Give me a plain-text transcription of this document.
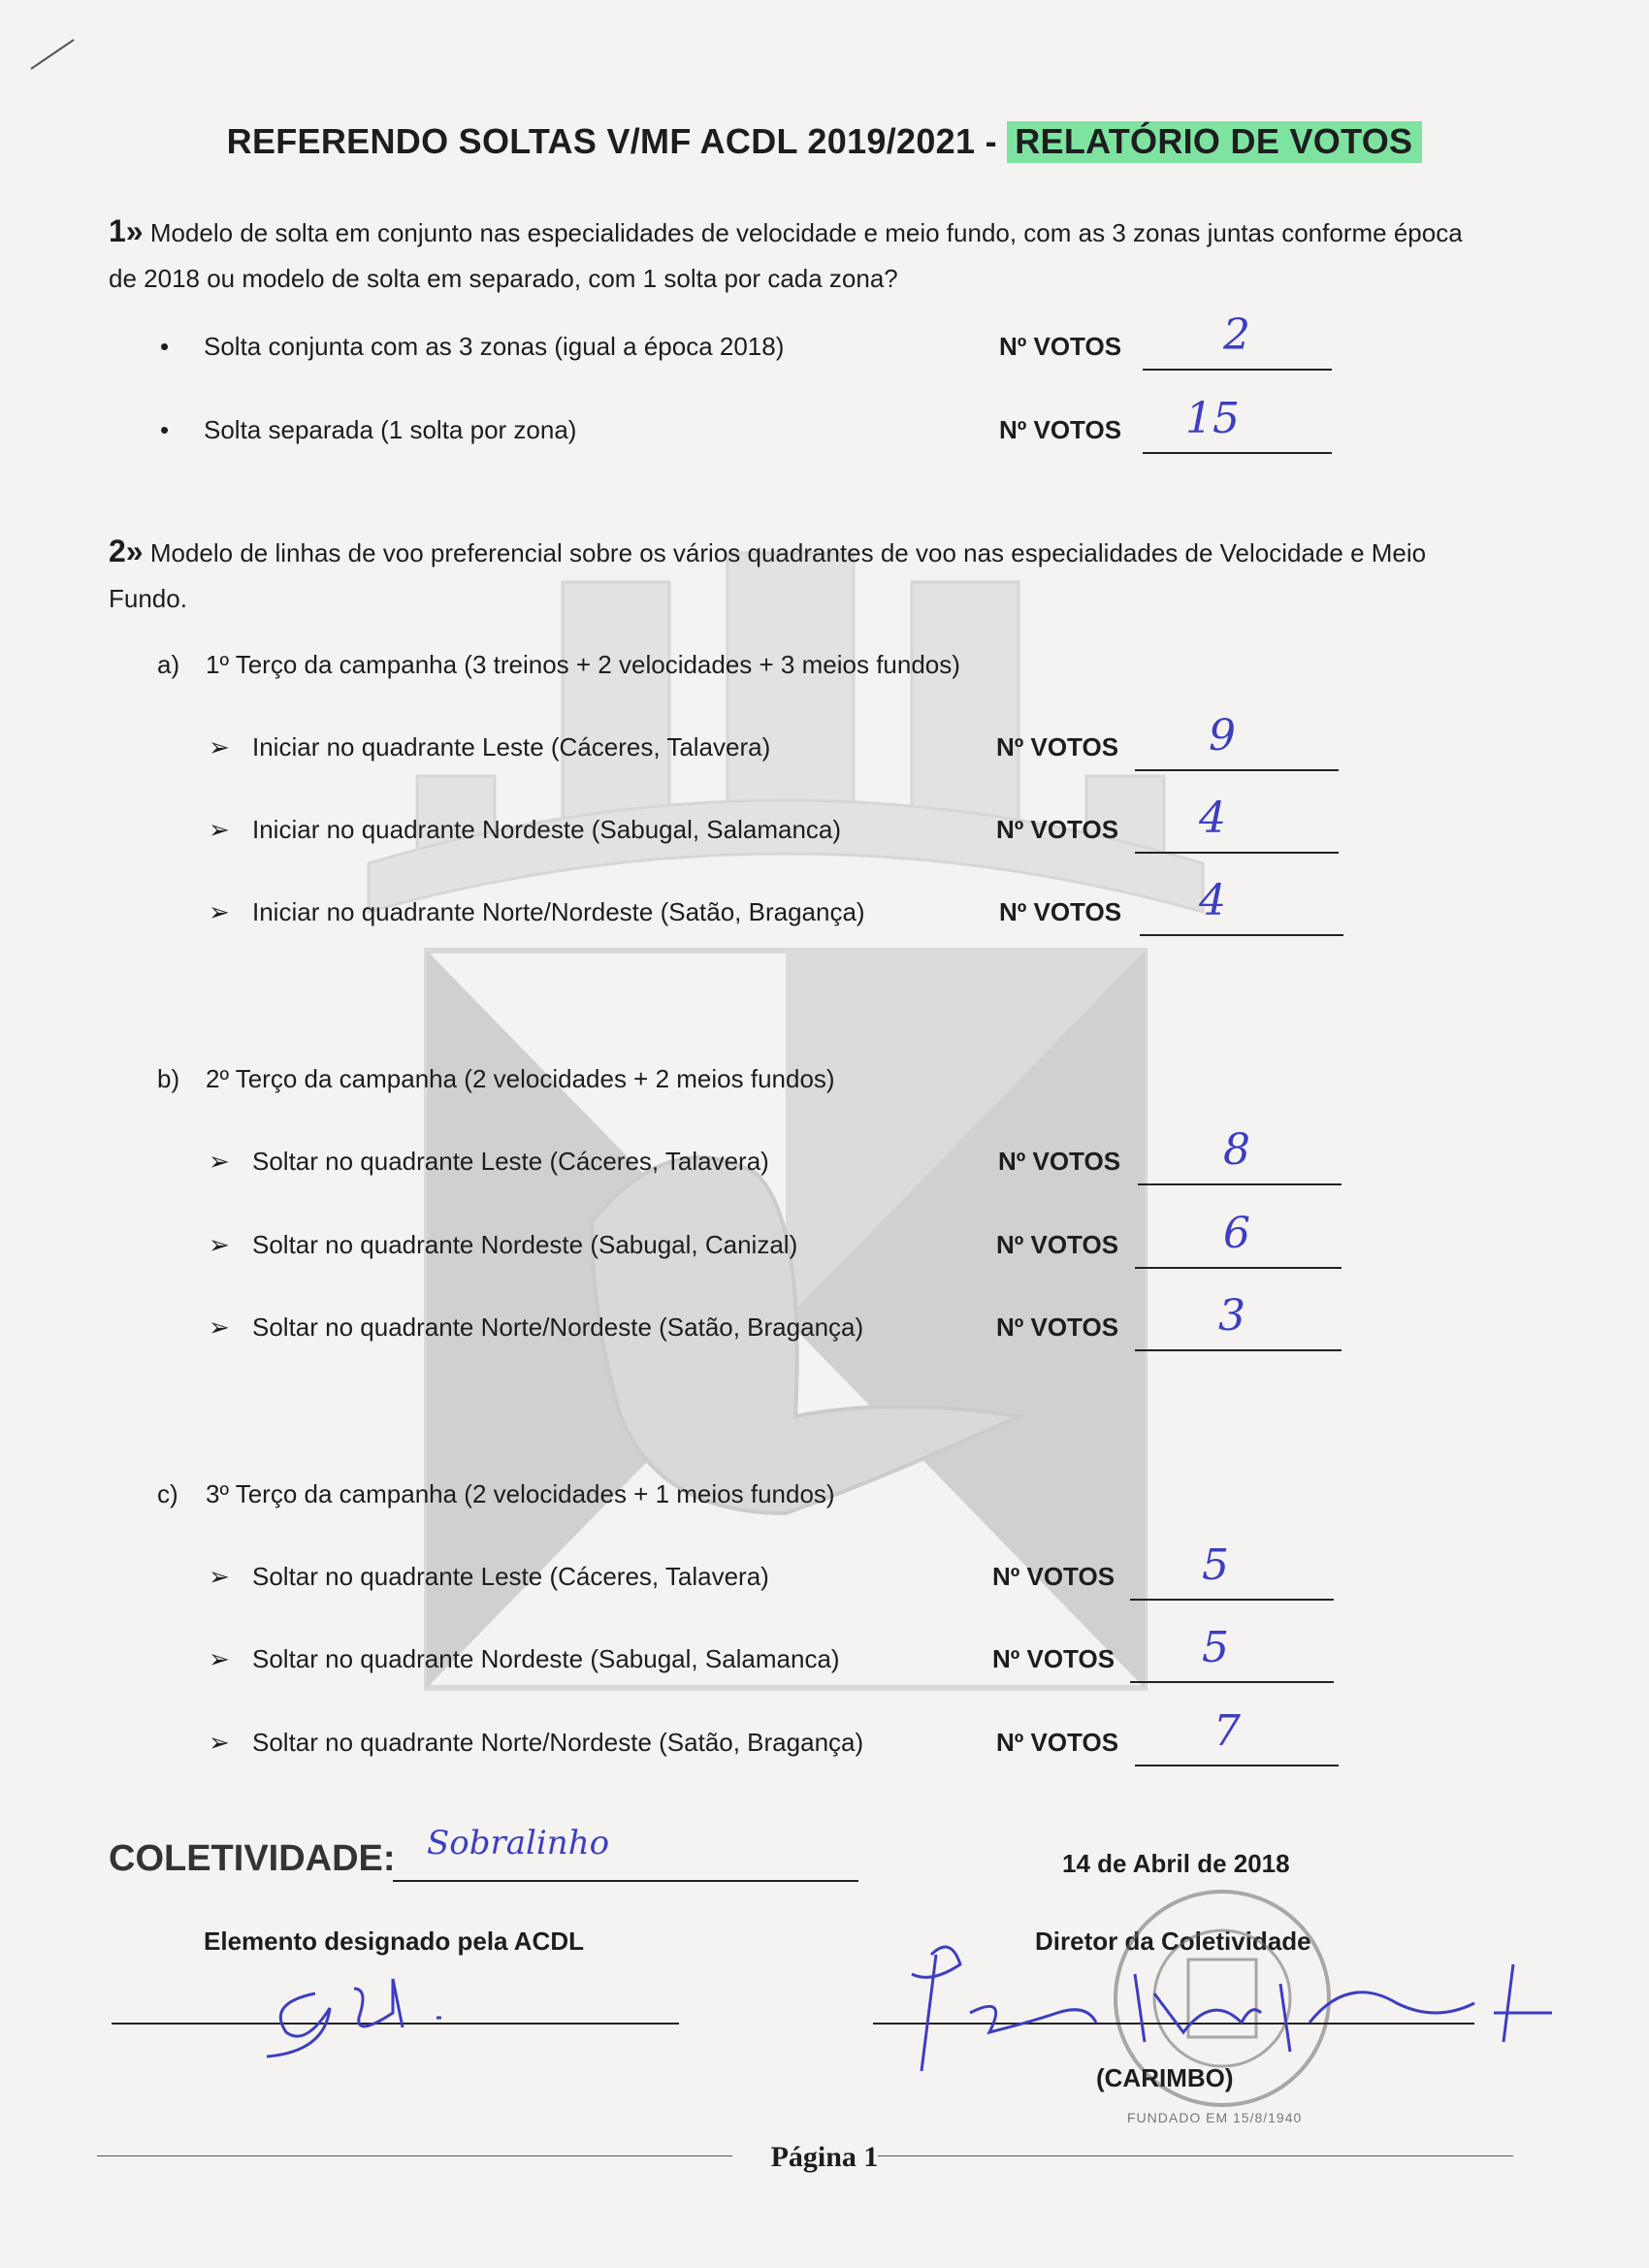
REFERENDO SOLTAS V/MF ACDL 2019/2021 - RELATÓRIO DE VOTOS
1» Modelo de solta em conjunto nas especialidades de velocidade e meio fundo, com as 3 zonas juntas conforme época de 2018 ou modelo de solta em separado, com 1 solta por cada zona?
• Solta conjunta com as 3 zonas (igual a época 2018)	Nº VOTOS	2
• Solta separada (1 solta por zona)	Nº VOTOS	15
2» Modelo de linhas de voo preferencial sobre os vários quadrantes de voo nas especialidades de Velocidade e Meio Fundo.
a) 1º Terço da campanha (3 treinos + 2 velocidades + 3 meios fundos)
➢ Iniciar no quadrante Leste (Cáceres, Talavera)	Nº VOTOS	9
➢ Iniciar no quadrante Nordeste (Sabugal, Salamanca)	Nº VOTOS	4
➢ Iniciar no quadrante Norte/Nordeste (Satão, Bragança)	Nº VOTOS	4
b) 2º Terço da campanha (2 velocidades + 2 meios fundos)
➢ Soltar no quadrante Leste (Cáceres, Talavera)	Nº VOTOS	8
➢ Soltar no quadrante Nordeste (Sabugal, Canizal)	Nº VOTOS	6
➢ Soltar no quadrante Norte/Nordeste (Satão, Bragança)	Nº VOTOS	3
c) 3º Terço da campanha (2 velocidades + 1 meios fundos)
➢ Soltar no quadrante Leste (Cáceres, Talavera)	Nº VOTOS	5
➢ Soltar no quadrante Nordeste (Sabugal, Salamanca)	Nº VOTOS	5
➢ Soltar no quadrante Norte/Nordeste (Satão, Bragança)	Nº VOTOS	7
COLETIVIDADE: Sobralinho
14 de Abril de 2018
Elemento designado pela ACDL	Diretor da Coletividade
FUNDADO EM 15/8/1940
(CARIMBO)
Página 1
